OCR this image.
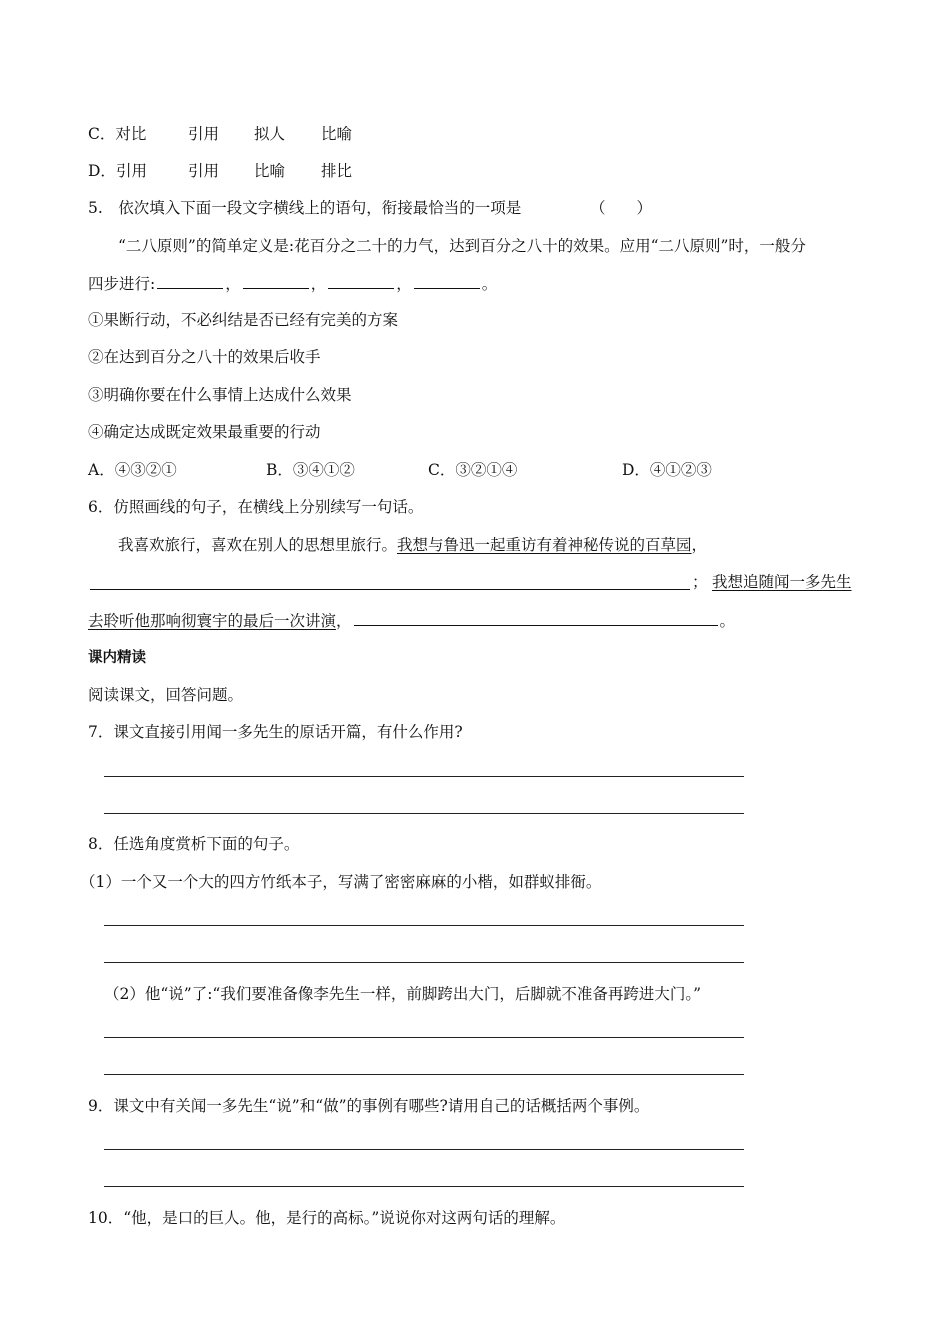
C．对比	引用 拟人 比喻
D．引用	引用 比喻 排比
5.　依次填入下面一段文字横线上的语句，衔接最恰当的一项是	（　　）
“二八原则”的简单定义是:花百分之二十的力气，达到百分之八十的效果。应用“二八原则”时，一般分
四步进行:	，	，	，	。
①果断行动，不必纠结是否已经有完美的方案
②在达到百分之八十的效果后收手
③明确你要在什么事情上达成什么效果
④确定达成既定效果最重要的行动
A．④③②①	B．③④①②	C．③②①④	D．④①②③
6．仿照画线的句子，在横线上分别续写一句话。
我喜欢旅行，喜欢在别人的思想里旅行。我想与鲁迅一起重访有着神秘传说的百草园，
； 我想追随闻一多先生
去聆听他那响彻寰宇的最后一次讲演，	。
课内精读
阅读课文，回答问题。
7．课文直接引用闻一多先生的原话开篇，有什么作用?
8．任选角度赏析下面的句子。
（1）一个又一个大的四方竹纸本子，写满了密密麻麻的小楷，如群蚁排衙。
（2）他“说”了:“我们要准备像李先生一样，前脚跨出大门，后脚就不准备再跨进大门。”
9．课文中有关闻一多先生“说”和“做”的事例有哪些?请用自己的话概括两个事例。
10．“他，是口的巨人。他，是行的高标。”说说你对这两句话的理解。
